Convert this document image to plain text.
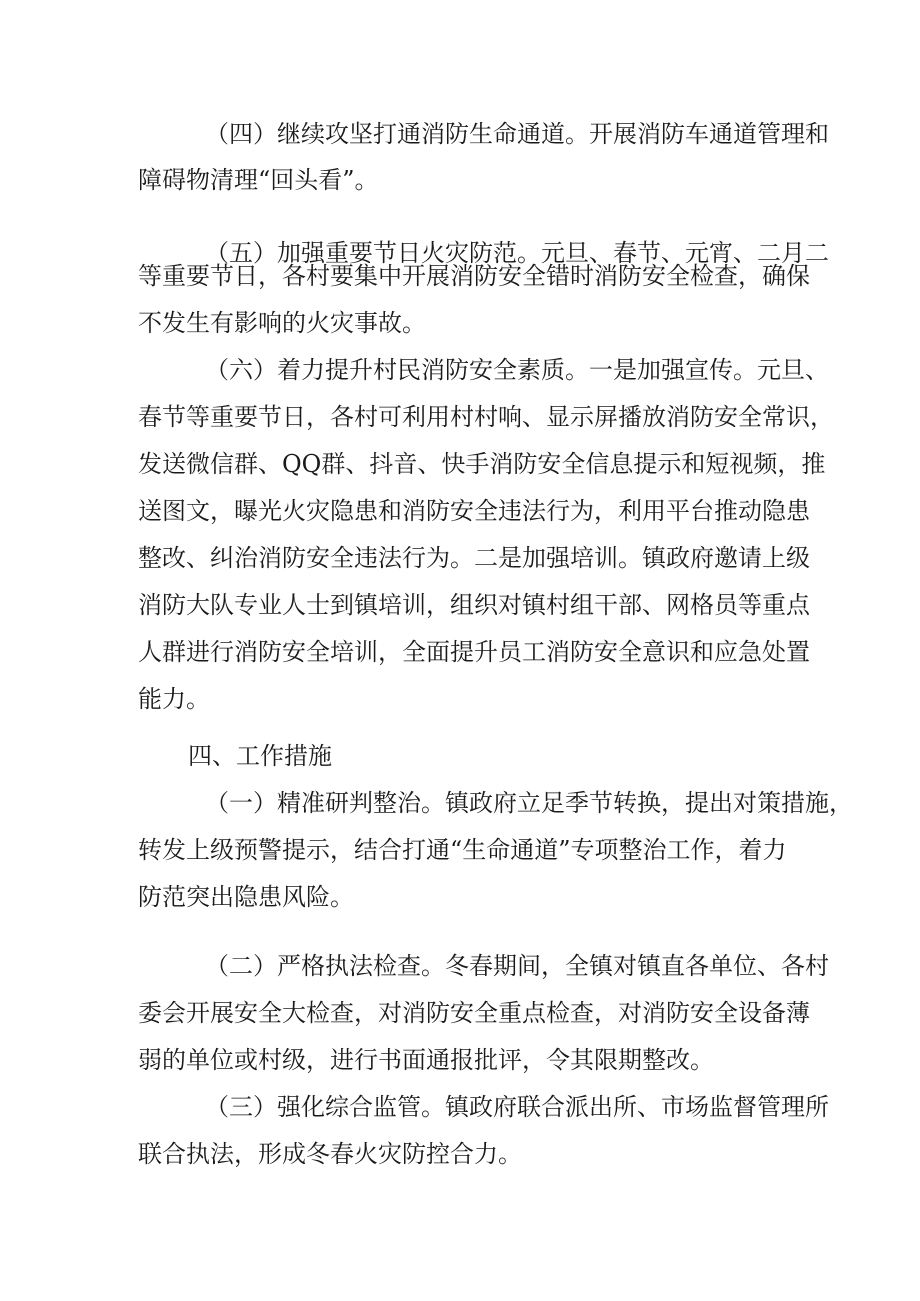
（四）继续攻坚打通消防生命通道。开展消防车通道管理和
障碍物清理“回头看”。
（五）加强重要节日火灾防范。元旦、春节、元宵、二月二
等重要节日，各村要集中开展消防安全错时消防安全检查，确保
不发生有影响的火灾事故。
（六）着力提升村民消防安全素质。一是加强宣传。元旦、
春节等重要节日，各村可利用村村响、显示屏播放消防安全常识，
发送微信群、QQ群、抖音、快手消防安全信息提示和短视频，推
送图文，曝光火灾隐患和消防安全违法行为，利用平台推动隐患
整改、纠治消防安全违法行为。二是加强培训。镇政府邀请上级
消防大队专业人士到镇培训，组织对镇村组干部、网格员等重点
人群进行消防安全培训，全面提升员工消防安全意识和应急处置
能力。
四、工作措施
（一）精准研判整治。镇政府立足季节转换，提出对策措施，
转发上级预警提示，结合打通“生命通道”专项整治工作，着力
防范突出隐患风险。
（二）严格执法检查。冬春期间，全镇对镇直各单位、各村
委会开展安全大检查，对消防安全重点检查，对消防安全设备薄
弱的单位或村级，进行书面通报批评，令其限期整改。
（三）强化综合监管。镇政府联合派出所、市场监督管理所
联合执法，形成冬春火灾防控合力。
